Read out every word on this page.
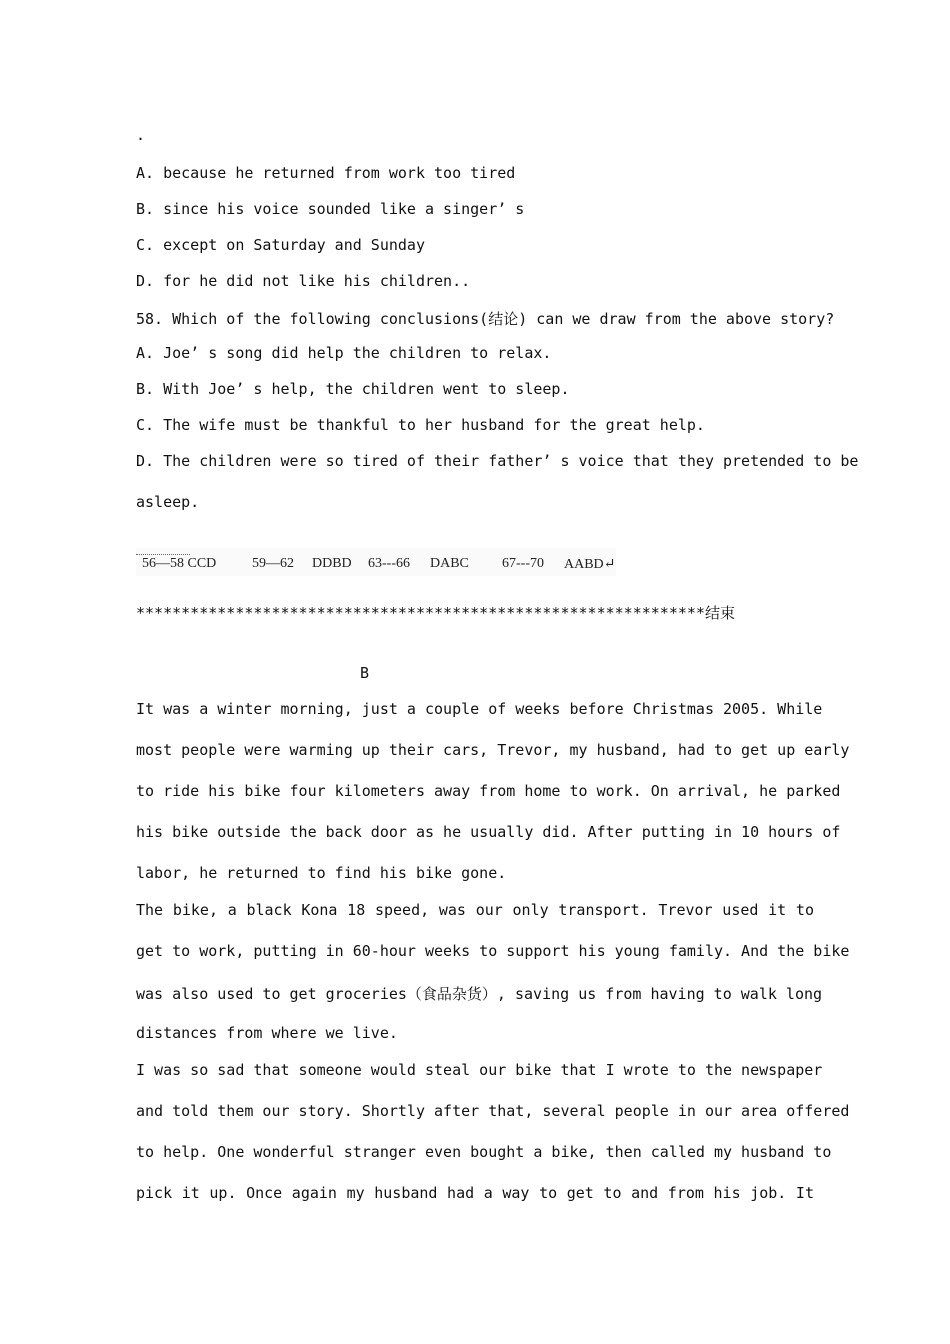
·
A. because he returned from work too tired
B. since his voice sounded like a singer’ s
C. except on Saturday and Sunday
D. for he did not like his children..
58. Which of the following conclusions(结论) can we draw from the above story?
A. Joe’ s song did help the children to relax.
B. With Joe’ s help, the children went to sleep.
C. The wife must be thankful to her husband for the great help.
D. The children were so tired of their father’ s voice that they pretended to be
asleep.
56—58 CCD	59—62 DDBD 63---66 DABC 67---70 AABD↵
***************************************************************结束
B
It was a winter morning, just a couple of weeks before Christmas 2005. While
most people were warming up their cars, Trevor, my husband, had to get up early
to ride his bike four kilometers away from home to work. On arrival, he parked
his bike outside the back door as he usually did. After putting in 10 hours of
labor, he returned to find his bike gone.
The bike, a black Kona 18 speed, was our only transport. Trevor used it to
get to work, putting in 60-hour weeks to support his young family. And the bike
was also used to get groceries（食品杂货）, saving us from having to walk long
distances from where we live.
I was so sad that someone would steal our bike that I wrote to the newspaper
and told them our story. Shortly after that, several people in our area offered
to help. One wonderful stranger even bought a bike, then called my husband to
pick it up. Once again my husband had a way to get to and from his job. It
